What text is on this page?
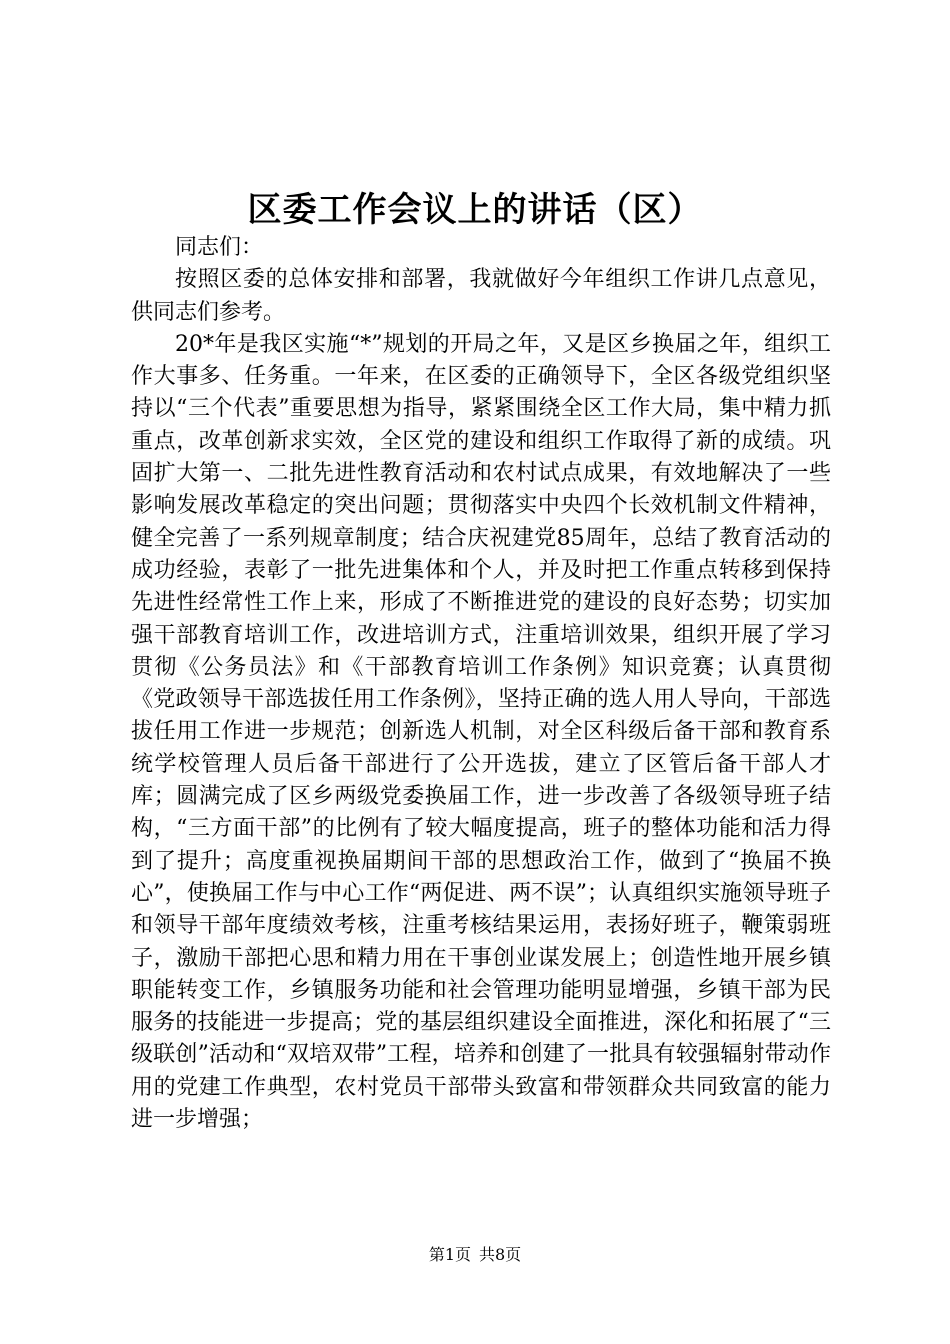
区委工作会议上的讲话（区）
同志们：

按照区委的总体安排和部署，我就做好今年组织工作讲几点意见，供同志们参考。

20*年是我区实施“*”规划的开局之年，又是区乡换届之年，组织工作大事多、任务重。一年来，在区委的正确领导下，全区各级党组织坚持以“三个代表”重要思想为指导，紧紧围绕全区工作大局，集中精力抓重点，改革创新求实效，全区党的建设和组织工作取得了新的成绩。巩固扩大第一、二批先进性教育活动和农村试点成果，有效地解决了一些影响发展改革稳定的突出问题；贯彻落实中央四个长效机制文件精神，健全完善了一系列规章制度；结合庆祝建党85周年，总结了教育活动的成功经验，表彰了一批先进集体和个人，并及时把工作重点转移到保持先进性经常性工作上来，形成了不断推进党的建设的良好态势；切实加强干部教育培训工作，改进培训方式，注重培训效果，组织开展了学习贯彻《公务员法》和《干部教育培训工作条例》知识竞赛；认真贯彻《党政领导干部选拔任用工作条例》，坚持正确的选人用人导向，干部选拔任用工作进一步规范；创新选人机制，对全区科级后备干部和教育系统学校管理人员后备干部进行了公开选拔，建立了区管后备干部人才库；圆满完成了区乡两级党委换届工作，进一步改善了各级领导班子结构，“三方面干部”的比例有了较大幅度提高，班子的整体功能和活力得到了提升；高度重视换届期间干部的思想政治工作，做到了“换届不换心”，使换届工作与中心工作“两促进、两不误”；认真组织实施领导班子和领导干部年度绩效考核，注重考核结果运用，表扬好班子，鞭策弱班子，激励干部把心思和精力用在干事创业谋发展上；创造性地开展乡镇职能转变工作，乡镇服务功能和社会管理功能明显增强，乡镇干部为民服务的技能进一步提高；党的基层组织建设全面推进，深化和拓展了“三级联创”活动和“双培双带”工程，培养和创建了一批具有较强辐射带动作用的党建工作典型，农村党员干部带头致富和带领群众共同致富的能力进一步增强；

第1页 共8页
